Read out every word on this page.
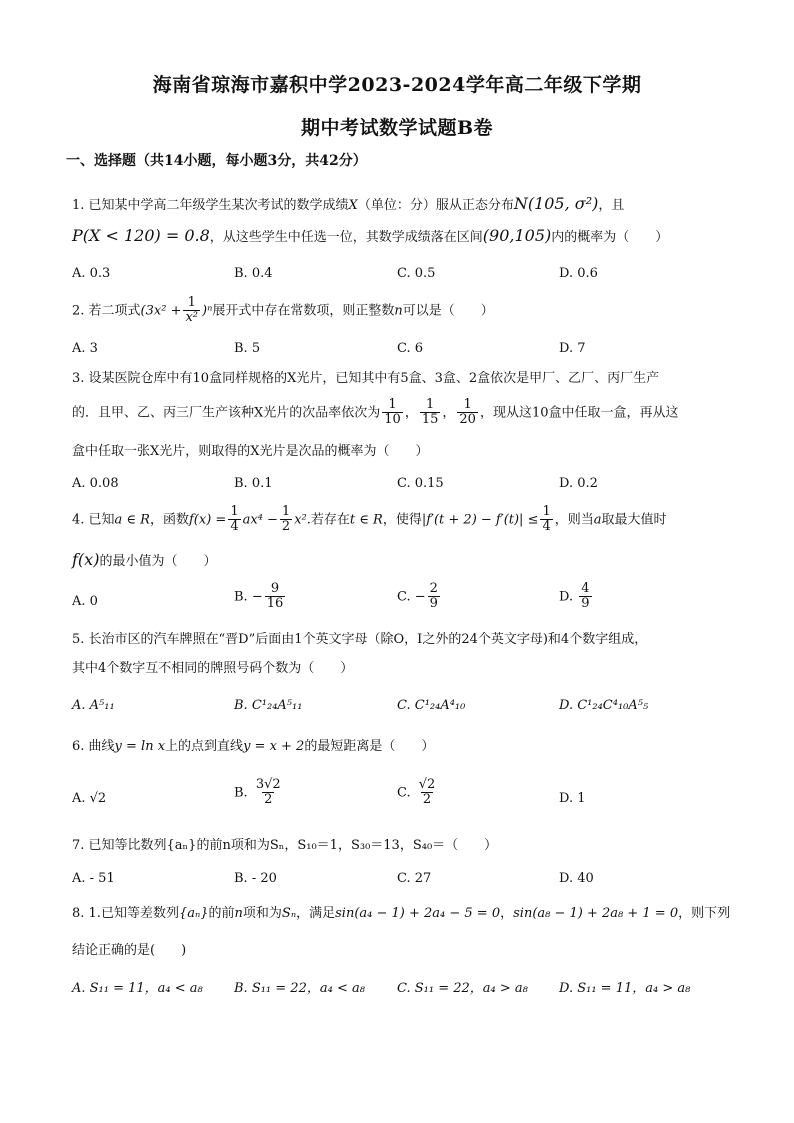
海南省琼海市嘉积中学2023-2024学年高二年级下学期
期中考试数学试题B卷
一、选择题（共14小题，每小题3分，共42分）
1. 已知某中学高二年级学生某次考试的数学成绩X（单位：分）服从正态分布N(105, σ²)，且
P(X < 120) = 0.8，从这些学生中任选一位，其数学成绩落在区间(90,105)内的概率为（　　）
A. 0.3	B. 0.4	C. 0.5	D. 0.6
2. 若二项式$(3x^2 + \frac{1}{\text{x²}} )^n$展开式中存在常数项，则正整数n可以是（　　）
A. 3	B. 5	C. 6	D. 7
3. 设某医院仓库中有10盒同样规格的X光片，已知其中有5盒、3盒、2盒依次是甲厂、乙厂、丙厂生产
的．且甲、乙、丙三厂生产该种X光片的次品率依次为 $\frac{1}{10}$ ， $\frac{1}{15}$ ， $\frac{1}{20}$ ，现从这10盒中任取一盒，再从这
盒中任取一张X光片，则取得的X光片是次品的概率为（　　）
A. 0.08	B. 0.1	C. 0.15	D. 0.2
4. 已知a ∈ R，函数$f(x) = \frac{1}{4} ax^4 - \frac{1}{2} x^2$.若存在t ∈ R，使得$|f'(t + 2) - f'(t)| \le \frac{1}{4}$ ，则当a取最大值时
f(x)的最小值为（　　）
A. 0	B. − $\frac{9}{16}$	C. − $\frac{2}{9}$	D. $\frac{4}{9}$
5. 长治市区的汽车牌照在“晋D”后面由1个英文字母（除O，I之外的24个英文字母)和4个数字组成，
其中4个数字互不相同的牌照号码个数为（　　）
A. A⁵₁₁	B. C¹₂₄A⁵₁₁	C. C¹₂₄A⁴₁₀	D. C¹₂₄C⁴₁₀A⁵₅
6. 曲线y = ln x上的点到直线y = x + 2的最短距离是（　　）
A. √2	B. $\frac{3√2}{2}$	C. $\frac{√2}{2}$	D. 1
7. 已知等比数列{aₙ}的前n项和为Sₙ，S₁₀＝1，S₃₀＝13，S₄₀＝（　　）
A. - 51	B. - 20	C. 27	D. 40
8. 1.已知等差数列{aₙ}的前n项和为Sₙ，满足sin(a₄ − 1) + 2a₄ − 5 = 0，sin(a₈ − 1) + 2a₈ + 1 = 0，则下列
结论正确的是(　　)
A. S₁₁ = 11，a₄ < a₈ B. S₁₁ = 22，a₄ < a₈ C. S₁₁ = 22，a₄ > a₈ D. S₁₁ = 11，a₄ > a₈
